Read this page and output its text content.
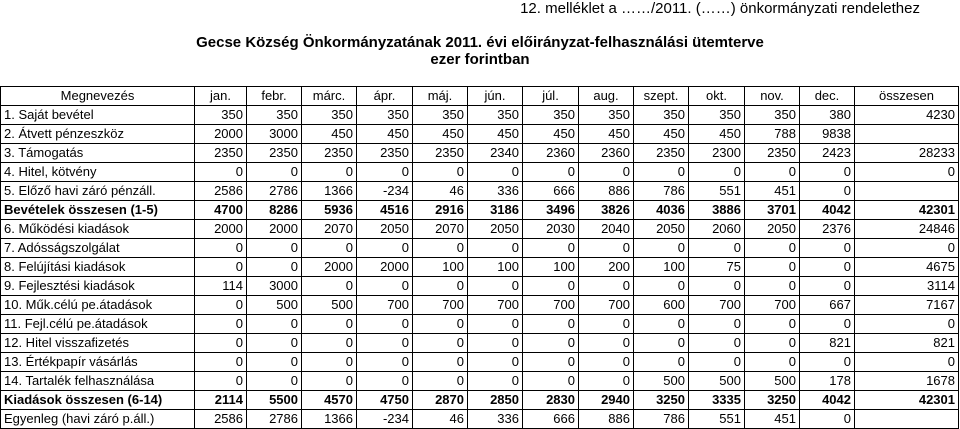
12. melléklet a ……/2011. (……) önkormányzati rendelethez
Gecse Község Önkormányzatának 2011. évi előirányzat-felhasználási ütemterve
ezer forintban
Megnevezés	jan.	febr.	márc.	ápr.	máj.	jún.	júl.	aug.	szept.	okt.	nov.	dec.	összesen
1. Saját bevétel	350	350	350	350	350	350	350	350	350	350	350	380	4230
2. Átvett pénzeszköz	2000	3000	450	450	450	450	450	450	450	450	788	9838	
3. Támogatás	2350	2350	2350	2350	2350	2340	2360	2360	2350	2300	2350	2423	28233
4. Hitel, kötvény	0	0	0	0	0	0	0	0	0	0	0	0	0
5. Előző havi záró pénzáll.	2586	2786	1366	-234	46	336	666	886	786	551	451	0	
Bevételek összesen (1-5)	4700	8286	5936	4516	2916	3186	3496	3826	4036	3886	3701	4042	42301
6. Működési kiadások	2000	2000	2070	2050	2070	2050	2030	2040	2050	2060	2050	2376	24846
7. Adósságszolgálat	0	0	0	0	0	0	0	0	0	0	0	0	0
8. Felújítási kiadások	0	0	2000	2000	100	100	100	200	100	75	0	0	4675
9. Fejlesztési kiadások	114	3000	0	0	0	0	0	0	0	0	0	0	3114
10. Műk.célú pe.átadások	0	500	500	700	700	700	700	700	600	700	700	667	7167
11. Fejl.célú pe.átadások	0	0	0	0	0	0	0	0	0	0	0	0	0
12. Hitel visszafizetés	0	0	0	0	0	0	0	0	0	0	0	821	821
13. Értékpapír vásárlás	0	0	0	0	0	0	0	0	0	0	0	0	0
14. Tartalék felhasználása	0	0	0	0	0	0	0	0	500	500	500	178	1678
Kiadások összesen (6-14)	2114	5500	4570	4750	2870	2850	2830	2940	3250	3335	3250	4042	42301
Egyenleg (havi záró p.áll.)	2586	2786	1366	-234	46	336	666	886	786	551	451	0	
